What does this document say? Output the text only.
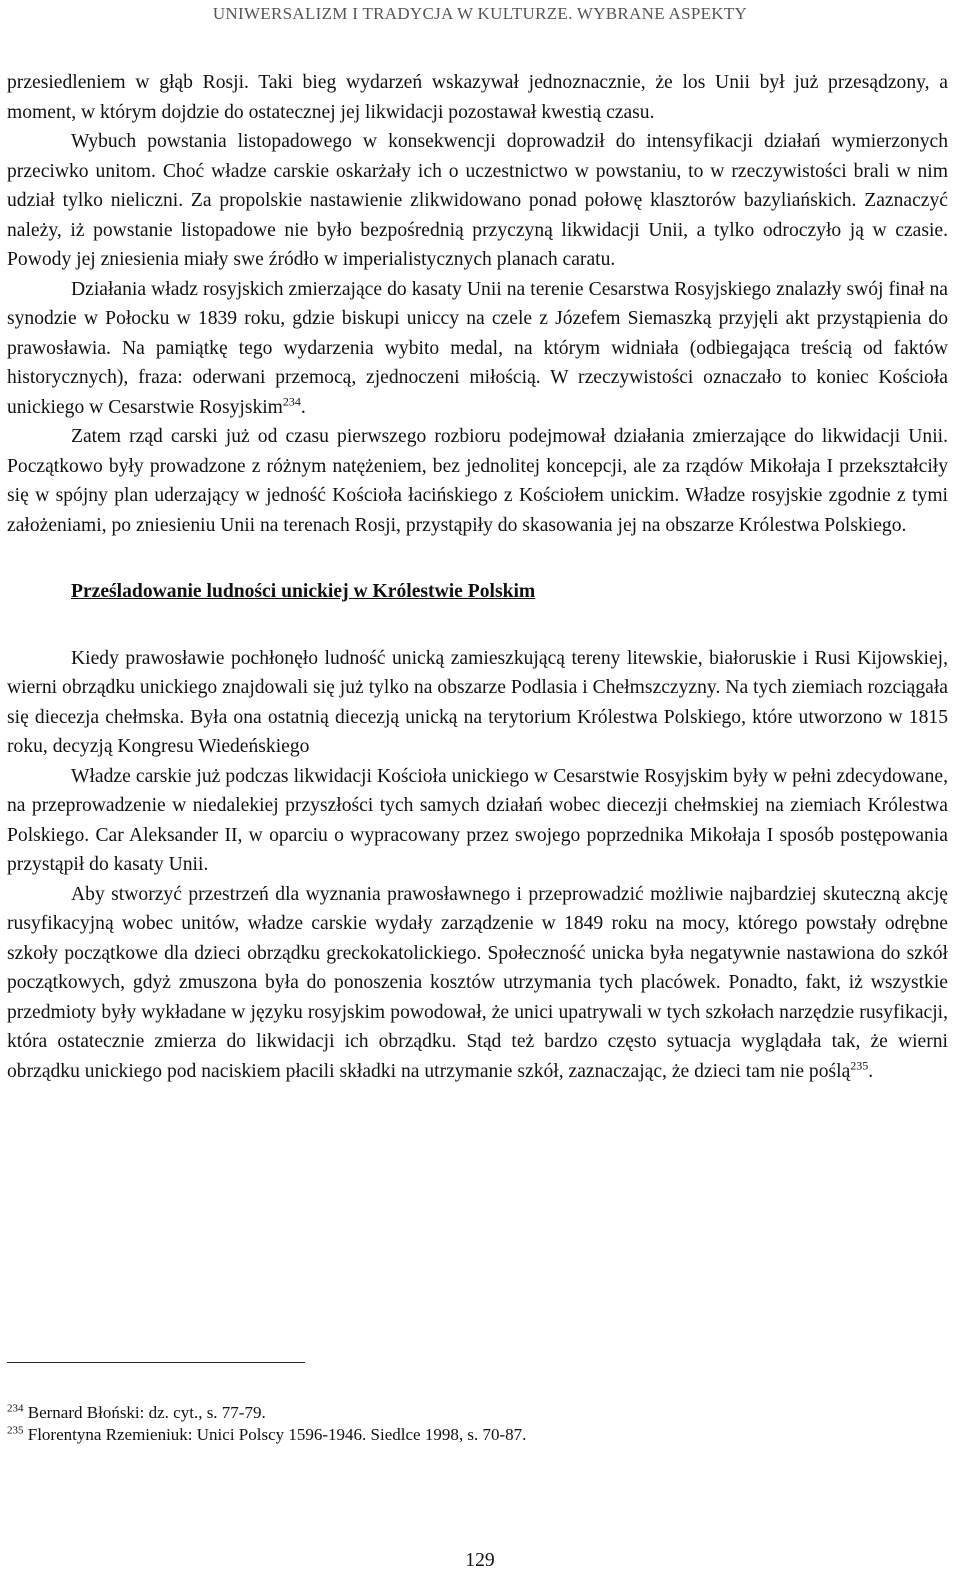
UNIWERSALIZM I TRADYCJA W KULTURZE. WYBRANE ASPEKTY

przesiedleniem w głąb Rosji. Taki bieg wydarzeń wskazywał jednoznacznie, że los Unii był już przesądzony, a moment, w którym dojdzie do ostatecznej jej likwidacji pozostawał kwestią czasu.

Wybuch powstania listopadowego w konsekwencji doprowadził do intensyfikacji działań wymierzonych przeciwko unitom. Choć władze carskie oskarżały ich o uczestnictwo w powstaniu, to w rzeczywistości brali w nim udział tylko nieliczni. Za propolskie nastawienie zlikwidowano ponad połowę klasztorów bazyliańskich. Zaznaczyć należy, iż powstanie listopadowe nie było bezpośrednią przyczyną likwidacji Unii, a tylko odroczyło ją w czasie. Powody jej zniesienia miały swe źródło w imperialistycznych planach caratu.

Działania władz rosyjskich zmierzające do kasaty Unii na terenie Cesarstwa Rosyjskiego znalazły swój finał na synodzie w Połocku w 1839 roku, gdzie biskupi uniccy na czele z Józefem Siemaszką przyjęli akt przystąpienia do prawosławia. Na pamiątkę tego wydarzenia wybito medal, na którym widniała (odbiegająca treścią od faktów historycznych), fraza: oderwani przemocą, zjednoczeni miłością. W rzeczywistości oznaczało to koniec Kościoła unickiego w Cesarstwie Rosyjskim$^{234}$.

Zatem rząd carski już od czasu pierwszego rozbioru podejmował działania zmierzające do likwidacji Unii. Początkowo były prowadzone z różnym natężeniem, bez jednolitej koncepcji, ale za rządów Mikołaja I przekształciły się w spójny plan uderzający w jedność Kościoła łacińskiego z Kościołem unickim. Władze rosyjskie zgodnie z tymi założeniami, po zniesieniu Unii na terenach Rosji, przystąpiły do skasowania jej na obszarze Królestwa Polskiego.

Prześladowanie ludności unickiej w Królestwie Polskim

Kiedy prawosławie pochłonęło ludność unicką zamieszkującą tereny litewskie, białoruskie i Rusi Kijowskiej, wierni obrządku unickiego znajdowali się już tylko na obszarze Podlasia i Chełmszczyzny. Na tych ziemiach rozciągała się diecezja chełmska. Była ona ostatnią diecezją unicką na terytorium Królestwa Polskiego, które utworzono w 1815 roku, decyzją Kongresu Wiedeńskiego

Władze carskie już podczas likwidacji Kościoła unickiego w Cesarstwie Rosyjskim były w pełni zdecydowane, na przeprowadzenie w niedalekiej przyszłości tych samych działań wobec diecezji chełmskiej na ziemiach Królestwa Polskiego. Car Aleksander II, w oparciu o wypracowany przez swojego poprzednika Mikołaja I sposób postępowania przystąpił do kasaty Unii.

Aby stworzyć przestrzeń dla wyznania prawosławnego i przeprowadzić możliwie najbardziej skuteczną akcję rusyfikacyjną wobec unitów, władze carskie wydały zarządzenie w 1849 roku na mocy, którego powstały odrębne szkoły początkowe dla dzieci obrządku greckokatolickiego. Społeczność unicka była negatywnie nastawiona do szkół początkowych, gdyż zmuszona była do ponoszenia kosztów utrzymania tych placówek. Ponadto, fakt, iż wszystkie przedmioty były wykładane w języku rosyjskim powodował, że unici upatrywali w tych szkołach narzędzie rusyfikacji, która ostatecznie zmierza do likwidacji ich obrządku. Stąd też bardzo często sytuacja wyglądała tak, że wierni obrządku unickiego pod naciskiem płacili składki na utrzymanie szkół, zaznaczając, że dzieci tam nie poślą$^{235}$.

$^{234}$ Bernard Błoński: dz. cyt., s. 77-79.

$^{235}$ Florentyna Rzemieniuk: Unici Polscy 1596-1946. Siedlce 1998, s. 70-87.

129
